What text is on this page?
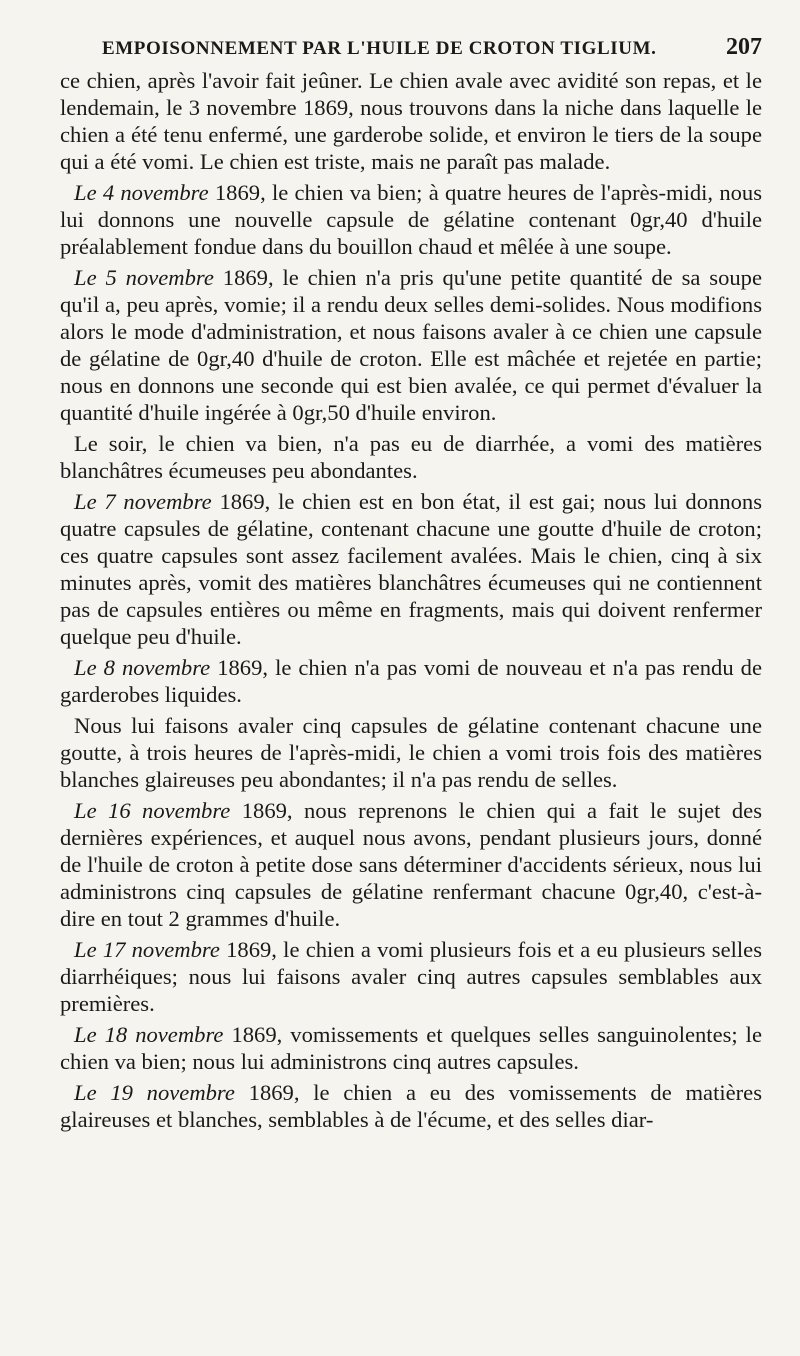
EMPOISONNEMENT PAR L'HUILE DE CROTON TIGLIUM.	207

ce chien, après l'avoir fait jeûner. Le chien avale avec avidité son repas, et le lendemain, le 3 novembre 1869, nous trouvons dans la niche dans laquelle le chien a été tenu enfermé, une garderobe solide, et environ le tiers de la soupe qui a été vomi. Le chien est triste, mais ne paraît pas malade.

Le 4 novembre 1869, le chien va bien; à quatre heures de l'après-midi, nous lui donnons une nouvelle capsule de gélatine contenant 0gr,40 d'huile préalablement fondue dans du bouillon chaud et mêlée à une soupe.

Le 5 novembre 1869, le chien n'a pris qu'une petite quantité de sa soupe qu'il a, peu après, vomie; il a rendu deux selles demi-solides. Nous modifions alors le mode d'administration, et nous faisons avaler à ce chien une capsule de gélatine de 0gr,40 d'huile de croton. Elle est mâchée et rejetée en partie; nous en donnons une seconde qui est bien avalée, ce qui permet d'évaluer la quantité d'huile ingérée à 0gr,50 d'huile environ.

Le soir, le chien va bien, n'a pas eu de diarrhée, a vomi des matières blanchâtres écumeuses peu abondantes.

Le 7 novembre 1869, le chien est en bon état, il est gai; nous lui donnons quatre capsules de gélatine, contenant chacune une goutte d'huile de croton; ces quatre capsules sont assez facilement avalées. Mais le chien, cinq à six minutes après, vomit des matières blanchâtres écumeuses qui ne contiennent pas de capsules entières ou même en fragments, mais qui doivent renfermer quelque peu d'huile.

Le 8 novembre 1869, le chien n'a pas vomi de nouveau et n'a pas rendu de garderobes liquides.

Nous lui faisons avaler cinq capsules de gélatine contenant chacune une goutte, à trois heures de l'après-midi, le chien a vomi trois fois des matières blanches glaireuses peu abondantes; il n'a pas rendu de selles.

Le 16 novembre 1869, nous reprenons le chien qui a fait le sujet des dernières expériences, et auquel nous avons, pendant plusieurs jours, donné de l'huile de croton à petite dose sans déterminer d'accidents sérieux, nous lui administrons cinq capsules de gélatine renfermant chacune 0gr,40, c'est-à-dire en tout 2 grammes d'huile.

Le 17 novembre 1869, le chien a vomi plusieurs fois et a eu plusieurs selles diarrhéiques; nous lui faisons avaler cinq autres capsules semblables aux premières.

Le 18 novembre 1869, vomissements et quelques selles sanguinolentes; le chien va bien; nous lui administrons cinq autres capsules.

Le 19 novembre 1869, le chien a eu des vomissements de matières glaireuses et blanches, semblables à de l'écume, et des selles diar-
